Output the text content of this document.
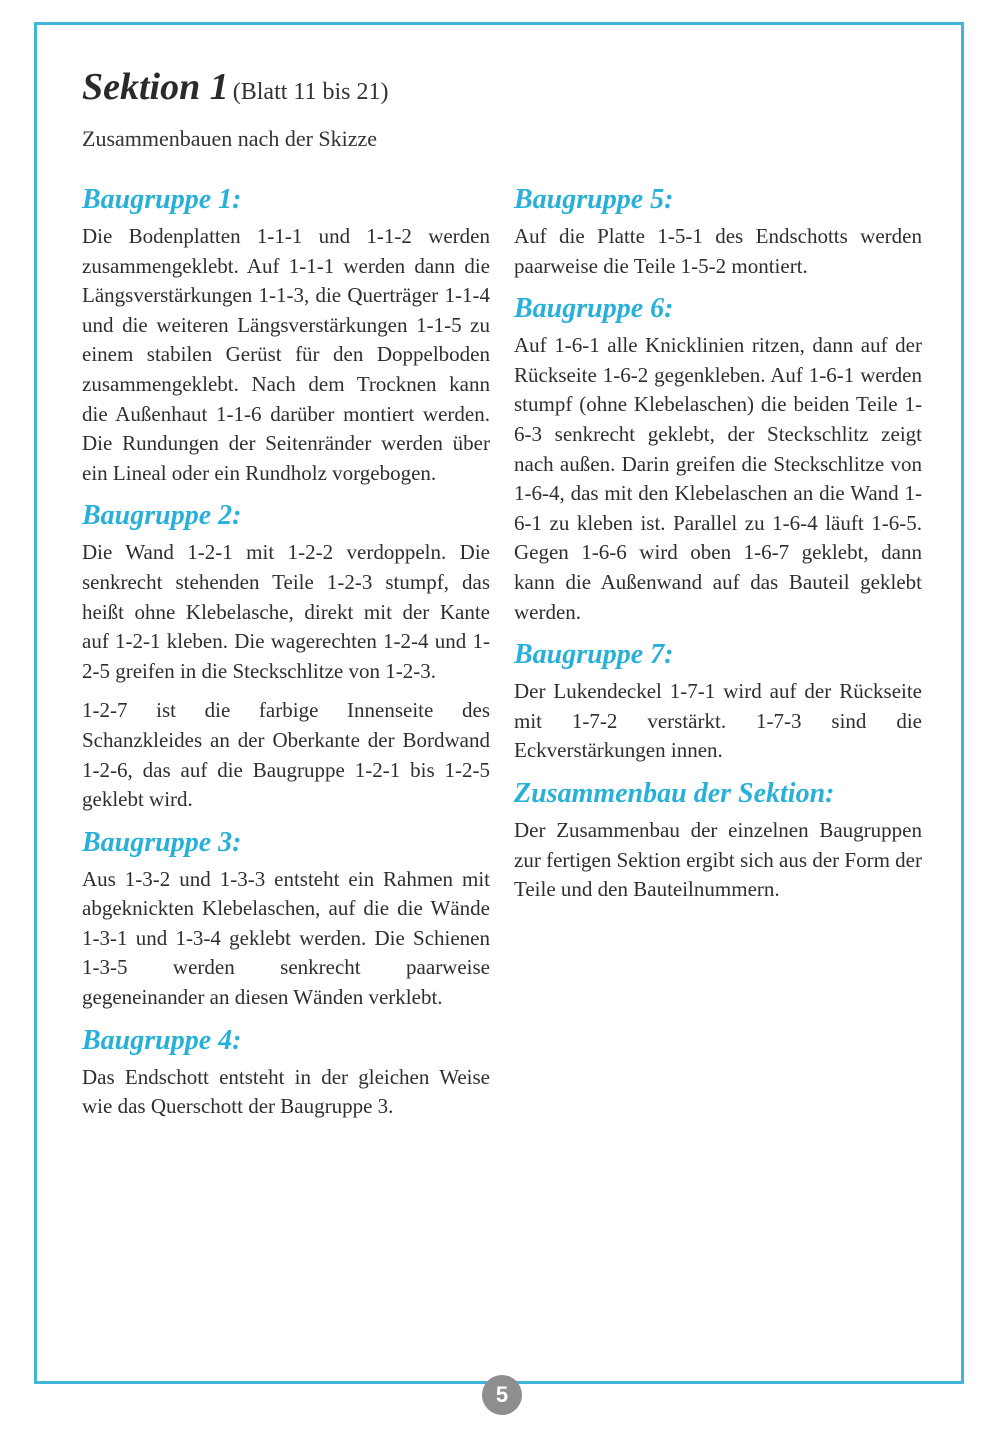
Sektion 1 (Blatt 11 bis 21)

Zusammenbauen nach der Skizze

Baugruppe 1:

Die Bodenplatten 1-1-1 und 1-1-2 werden zusammengeklebt. Auf 1-1-1 werden dann die Längsverstärkungen 1-1-3, die Querträger 1-1-4 und die weiteren Längsverstärkungen 1-1-5 zu einem stabilen Gerüst für den Doppelboden zusammengeklebt. Nach dem Trocknen kann die Außenhaut 1-1-6 darüber montiert werden. Die Rundungen der Seitenränder werden über ein Lineal oder ein Rundholz vorgebogen.

Baugruppe 2:

Die Wand 1-2-1 mit 1-2-2 verdoppeln. Die senkrecht stehenden Teile 1-2-3 stumpf, das heißt ohne Klebelasche, direkt mit der Kante auf 1-2-1 kleben. Die wagerechten 1-2-4 und 1-2-5 greifen in die Steckschlitze von 1-2-3.

1-2-7 ist die farbige Innenseite des Schanzkleides an der Oberkante der Bordwand 1-2-6, das auf die Baugruppe 1-2-1 bis 1-2-5 geklebt wird.

Baugruppe 3:

Aus 1-3-2 und 1-3-3 entsteht ein Rahmen mit abgeknickten Klebelaschen, auf die die Wände 1-3-1 und 1-3-4 geklebt werden. Die Schienen 1-3-5 werden senkrecht paarweise gegeneinander an diesen Wänden verklebt.

Baugruppe 4:

Das Endschott entsteht in der gleichen Weise wie das Querschott der Baugruppe 3.

Baugruppe 5:

Auf die Platte 1-5-1 des Endschotts werden paarweise die Teile 1-5-2 montiert.

Baugruppe 6:

Auf 1-6-1 alle Knicklinien ritzen, dann auf der Rückseite 1-6-2 gegenkleben. Auf 1-6-1 werden stumpf (ohne Klebelaschen) die beiden Teile 1-6-3 senkrecht geklebt, der Steckschlitz zeigt nach außen. Darin greifen die Steckschlitze von 1-6-4, das mit den Klebelaschen an die Wand 1-6-1 zu kleben ist. Parallel zu 1-6-4 läuft 1-6-5. Gegen 1-6-6 wird oben 1-6-7 geklebt, dann kann die Außenwand auf das Bauteil geklebt werden.

Baugruppe 7:

Der Lukendeckel 1-7-1 wird auf der Rückseite mit 1-7-2 verstärkt. 1-7-3 sind die Eckverstärkungen innen.

Zusammenbau der Sektion:

Der Zusammenbau der einzelnen Baugruppen zur fertigen Sektion ergibt sich aus der Form der Teile und den Bauteilnummern.

5
